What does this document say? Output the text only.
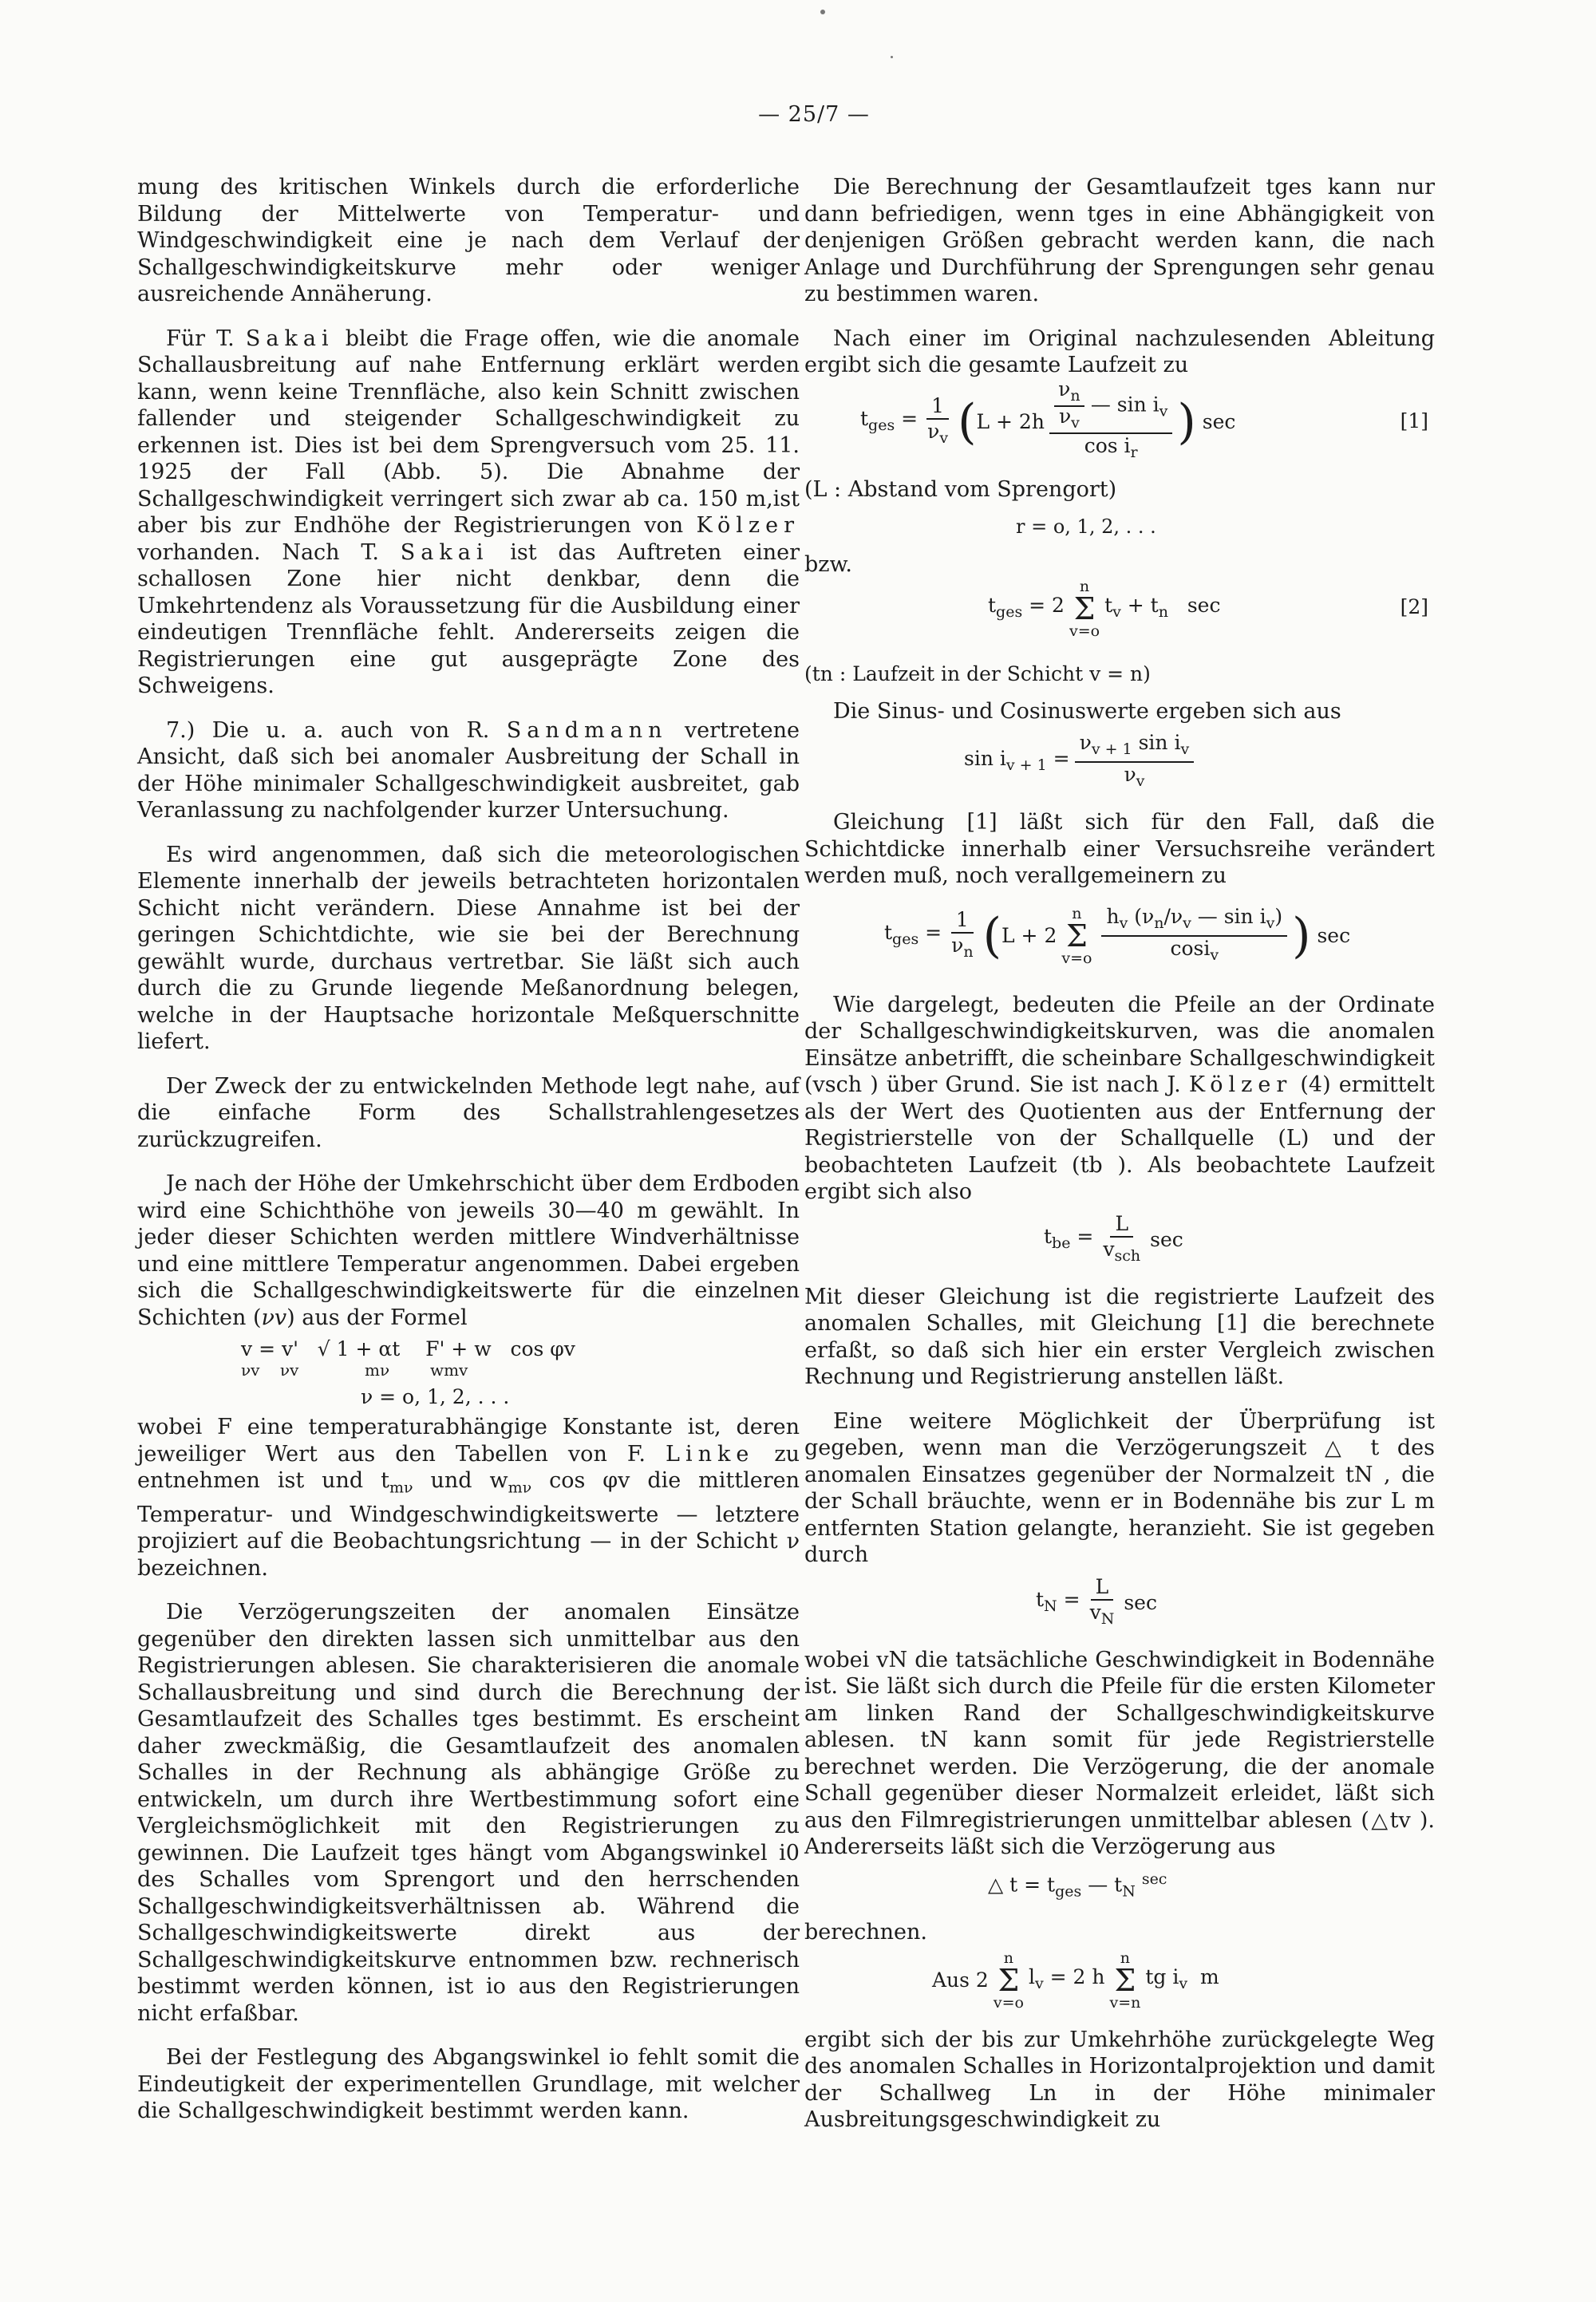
— 25/7 —

mung des kritischen Winkels durch die erforderliche Bildung der Mittelwerte von Temperatur- und Windgeschwindigkeit eine je nach dem Verlauf der Schallgeschwindigkeitskurve mehr oder weniger ausreichende Annäherung.

Für T. Sakai bleibt die Frage offen, wie die anomale Schallausbreitung auf nahe Entfernung erklärt werden kann, wenn keine Trennfläche, also kein Schnitt zwischen fallender und steigender Schallgeschwindigkeit zu erkennen ist. Dies ist bei dem Sprengversuch vom 25. 11. 1925 der Fall (Abb. 5). Die Abnahme der Schallgeschwindigkeit verringert sich zwar ab ca. 150 m,ist aber bis zur Endhöhe der Registrierungen von Kölzer vorhanden. Nach T. Sakai ist das Auftreten einer schallosen Zone hier nicht denkbar, denn die Umkehrtendenz als Voraussetzung für die Ausbildung einer eindeutigen Trennfläche fehlt. Andererseits zeigen die Registrierungen eine gut ausgeprägte Zone des Schweigens.

7.) Die u. a. auch von R. Sandmann vertretene Ansicht, daß sich bei anomaler Ausbreitung der Schall in der Höhe minimaler Schallgeschwindigkeit ausbreitet, gab Veranlassung zu nachfolgender kurzer Untersuchung.

Es wird angenommen, daß sich die meteorologischen Elemente innerhalb der jeweils betrachteten horizontalen Schicht nicht verändern. Diese Annahme ist bei der geringen Schichtdichte, wie sie bei der Berechnung gewählt wurde, durchaus vertretbar. Sie läßt sich auch durch die zu Grunde liegende Meßanordnung belegen, welche in der Hauptsache horizontale Meßquerschnitte liefert.

Der Zweck der zu entwickelnden Methode legt nahe, auf die einfache Form des Schallstrahlengesetzes zurückzugreifen.

Je nach der Höhe der Umkehrschicht über dem Erdboden wird eine Schichthöhe von jeweils 30—40 m gewählt. In jeder dieser Schichten werden mittlere Windverhältnisse und eine mittlere Temperatur angenommen. Dabei ergeben sich die Schallgeschwindigkeitswerte für die einzelnen Schichten (νv) aus der Formel

v = v'   √ 1 + αt    F' + w   cos φv
νv    νv             mν        wmv
ν = o, 1, 2, . . .

wobei F eine temperaturabhängige Konstante ist, deren jeweiliger Wert aus den Tabellen von F. Linke zu entnehmen ist und $t_{m\nu}$ und $w_{m\nu}$ cos φv die mittleren Temperatur- und Windgeschwindigkeitswerte — letztere projiziert auf die Beobachtungsrichtung — in der Schicht ν bezeichnen.

Die Verzögerungszeiten der anomalen Einsätze gegenüber den direkten lassen sich unmittelbar aus den Registrierungen ablesen. Sie charakterisieren die anomale Schallausbreitung und sind durch die Berechnung der Gesamtlaufzeit des Schalles tges bestimmt. Es erscheint daher zweckmäßig, die Gesamtlaufzeit des anomalen Schalles in der Rechnung als abhängige Größe zu entwickeln, um durch ihre Wertbestimmung sofort eine Vergleichsmöglichkeit mit den Registrierungen zu gewinnen. Die Laufzeit tges hängt vom Abgangswinkel i0 des Schalles vom Sprengort und den herrschenden Schallgeschwindigkeitsverhältnissen ab. Während die Schallgeschwindigkeitswerte direkt aus der Schallgeschwindigkeitskurve entnommen bzw. rechnerisch bestimmt werden können, ist io aus den Registrierungen nicht erfaßbar.

Bei der Festlegung des Abgangswinkel io fehlt somit die Eindeutigkeit der experimentellen Grundlage, mit welcher die Schallgeschwindigkeit bestimmt werden kann.

Die Berechnung der Gesamtlaufzeit tges kann nur dann befriedigen, wenn tges in eine Abhängigkeit von denjenigen Größen gebracht werden kann, die nach Anlage und Durchführung der Sprengungen sehr genau zu bestimmen waren.

Nach einer im Original nachzulesenden Ableitung ergibt sich die gesamte Laufzeit zu

$t_{ges} = \frac{1}{\nu_v}$ ( $L + 2h \frac{\frac{\nu_n}{\nu_v} — \sin i_v}{\cos i_r}$ ) sec	[1]
(L : Abstand vom Sprengort)
r = o, 1, 2, . . .
bzw.
$t_{ges} = 2$
n
Σ
v=o
$t_v + t_n$   sec	[2]
(tn : Laufzeit in der Schicht v = n)

Die Sinus- und Cosinuswerte ergeben sich aus

$\sin i_{v + 1} = \frac{\nu_{v + 1} \sin i_v}{\nu_v}$

Gleichung [1] läßt sich für den Fall, daß die Schichtdicke innerhalb einer Versuchsreihe verändert werden muß, noch verallgemeinern zu

$t_{ges} = \frac{1}{\nu_n}$ ( L + 2
n
Σ
$v=o \frac{h_v (\nu_n/\nu_v — \sin i_v)}{\cos i_v}$ ) sec

Wie dargelegt, bedeuten die Pfeile an der Ordinate der Schallgeschwindigkeitskurven, was die anomalen Einsätze anbetrifft, die scheinbare Schallgeschwindigkeit (vsch ) über Grund. Sie ist nach J. Kölzer (4) ermittelt als der Wert des Quotienten aus der Entfernung der Registrierstelle von der Schallquelle (L) und der beobachteten Laufzeit (tb ). Als beobachtete Laufzeit ergibt sich also

$t_{be} = \frac{L}{v_{sch}}$ sec

Mit dieser Gleichung ist die registrierte Laufzeit des anomalen Schalles, mit Gleichung [1] die berechnete erfaßt, so daß sich hier ein erster Vergleich zwischen Rechnung und Registrierung anstellen läßt.

Eine weitere Möglichkeit der Überprüfung ist gegeben, wenn man die Verzögerungszeit △ t des anomalen Einsatzes gegenüber der Normalzeit tN , die der Schall bräuchte, wenn er in Bodennähe bis zur L m entfernten Station gelangte, heranzieht. Sie ist gegeben durch

$t_N = \frac{L}{v_N}$ sec

wobei vN die tatsächliche Geschwindigkeit in Bodennähe ist. Sie läßt sich durch die Pfeile für die ersten Kilometer am linken Rand der Schallgeschwindigkeitskurve ablesen. tN kann somit für jede Registrierstelle berechnet werden. Die Verzögerung, die der anomale Schall gegenüber dieser Normalzeit erleidet, läßt sich aus den Filmregistrierungen unmittelbar ablesen (△tv ). Andererseits läßt sich die Verzögerung aus

△ $t = t_{ges}$ — $t_N$ $^{sec}$
berechnen.
Aus 2
n
Σ
v=o
$l_v = 2$ h
n
Σ
v=n
tg $i_v$  m

ergibt sich der bis zur Umkehrhöhe zurückgelegte Weg des anomalen Schalles in Horizontalprojektion und damit der Schallweg Ln in der Höhe minimaler Ausbreitungsgeschwindigkeit zu
